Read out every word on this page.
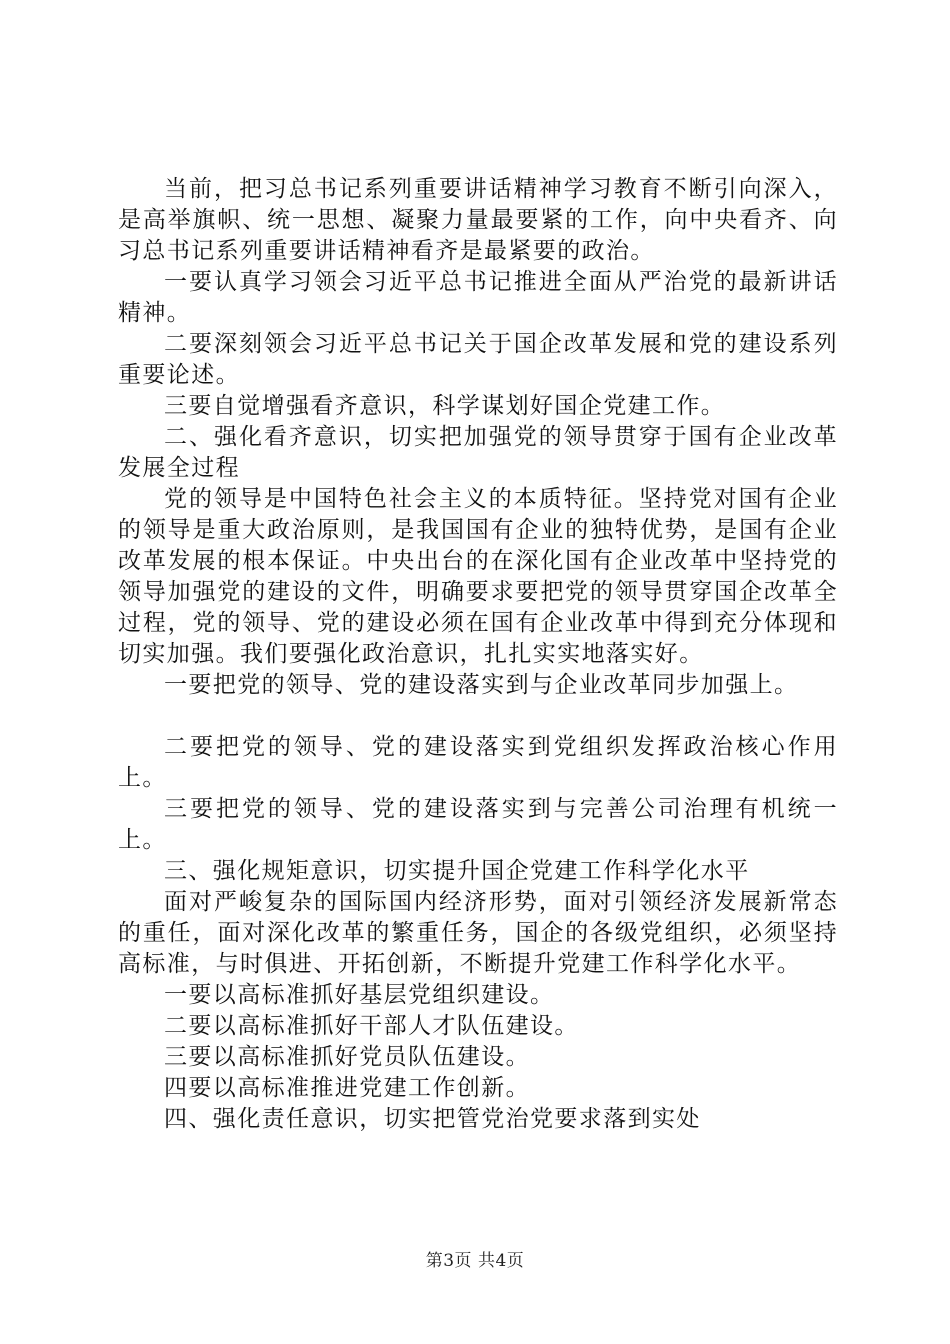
当前，把习总书记系列重要讲话精神学习教育不断引向深入，是高举旗帜、统一思想、凝聚力量最要紧的工作，向中央看齐、向习总书记系列重要讲话精神看齐是最紧要的政治。

一要认真学习领会习近平总书记推进全面从严治党的最新讲话精神。

二要深刻领会习近平总书记关于国企改革发展和党的建设系列重要论述。

三要自觉增强看齐意识，科学谋划好国企党建工作。

二、强化看齐意识，切实把加强党的领导贯穿于国有企业改革发展全过程

党的领导是中国特色社会主义的本质特征。坚持党对国有企业的领导是重大政治原则，是我国国有企业的独特优势，是国有企业改革发展的根本保证。中央出台的在深化国有企业改革中坚持党的领导加强党的建设的文件，明确要求要把党的领导贯穿国企改革全过程，党的领导、党的建设必须在国有企业改革中得到充分体现和切实加强。我们要强化政治意识，扎扎实实地落实好。

一要把党的领导、党的建设落实到与企业改革同步加强上。

二要把党的领导、党的建设落实到党组织发挥政治核心作用上。

三要把党的领导、党的建设落实到与完善公司治理有机统一上。

三、强化规矩意识，切实提升国企党建工作科学化水平

面对严峻复杂的国际国内经济形势，面对引领经济发展新常态的重任，面对深化改革的繁重任务，国企的各级党组织，必须坚持高标准，与时俱进、开拓创新，不断提升党建工作科学化水平。

一要以高标准抓好基层党组织建设。

二要以高标准抓好干部人才队伍建设。

三要以高标准抓好党员队伍建设。

四要以高标准推进党建工作创新。

四、强化责任意识，切实把管党治党要求落到实处

第3页 共4页
